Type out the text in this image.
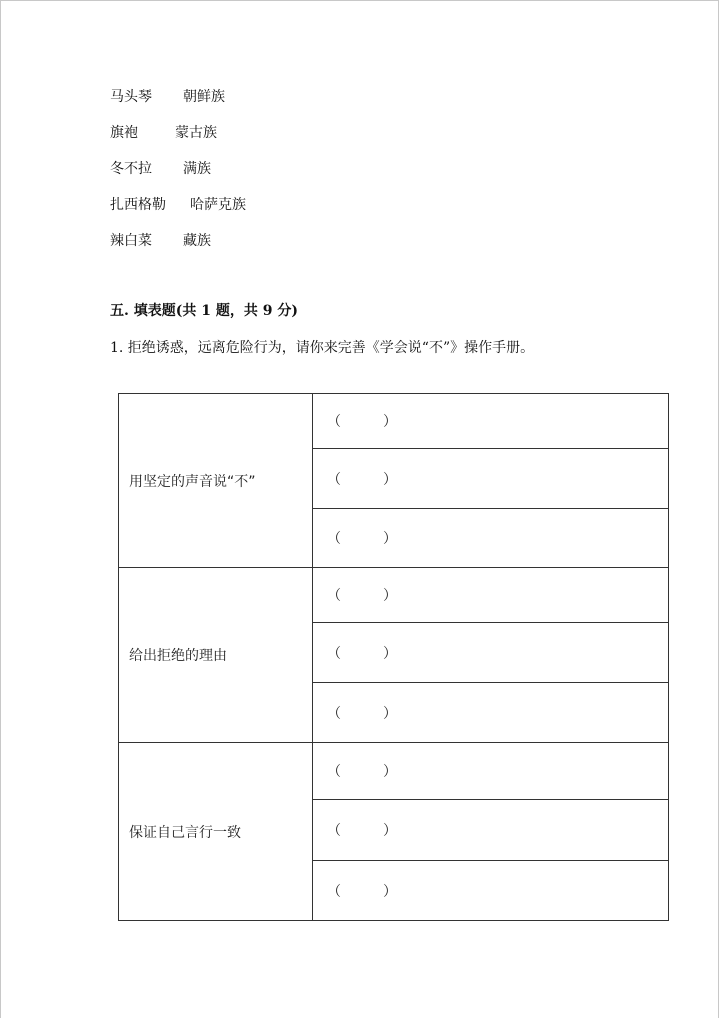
马头琴 朝鲜族
旗袍	蒙古族
冬不拉 满族
扎西格勒 哈萨克族
辣白菜 藏族
五. 填表题(共 1 题，共 9 分)
1. 拒绝诱惑，远离危险行为，请你来完善《学会说“不”》操作手册。
用坚定的声音说“不”	（　　　）
	（　　　）
	（　　　）
给出拒绝的理由	（　　　）
	（　　　）
	（　　　）
保证自己言行一致	（　　　）
	（　　　）
	（　　　）
